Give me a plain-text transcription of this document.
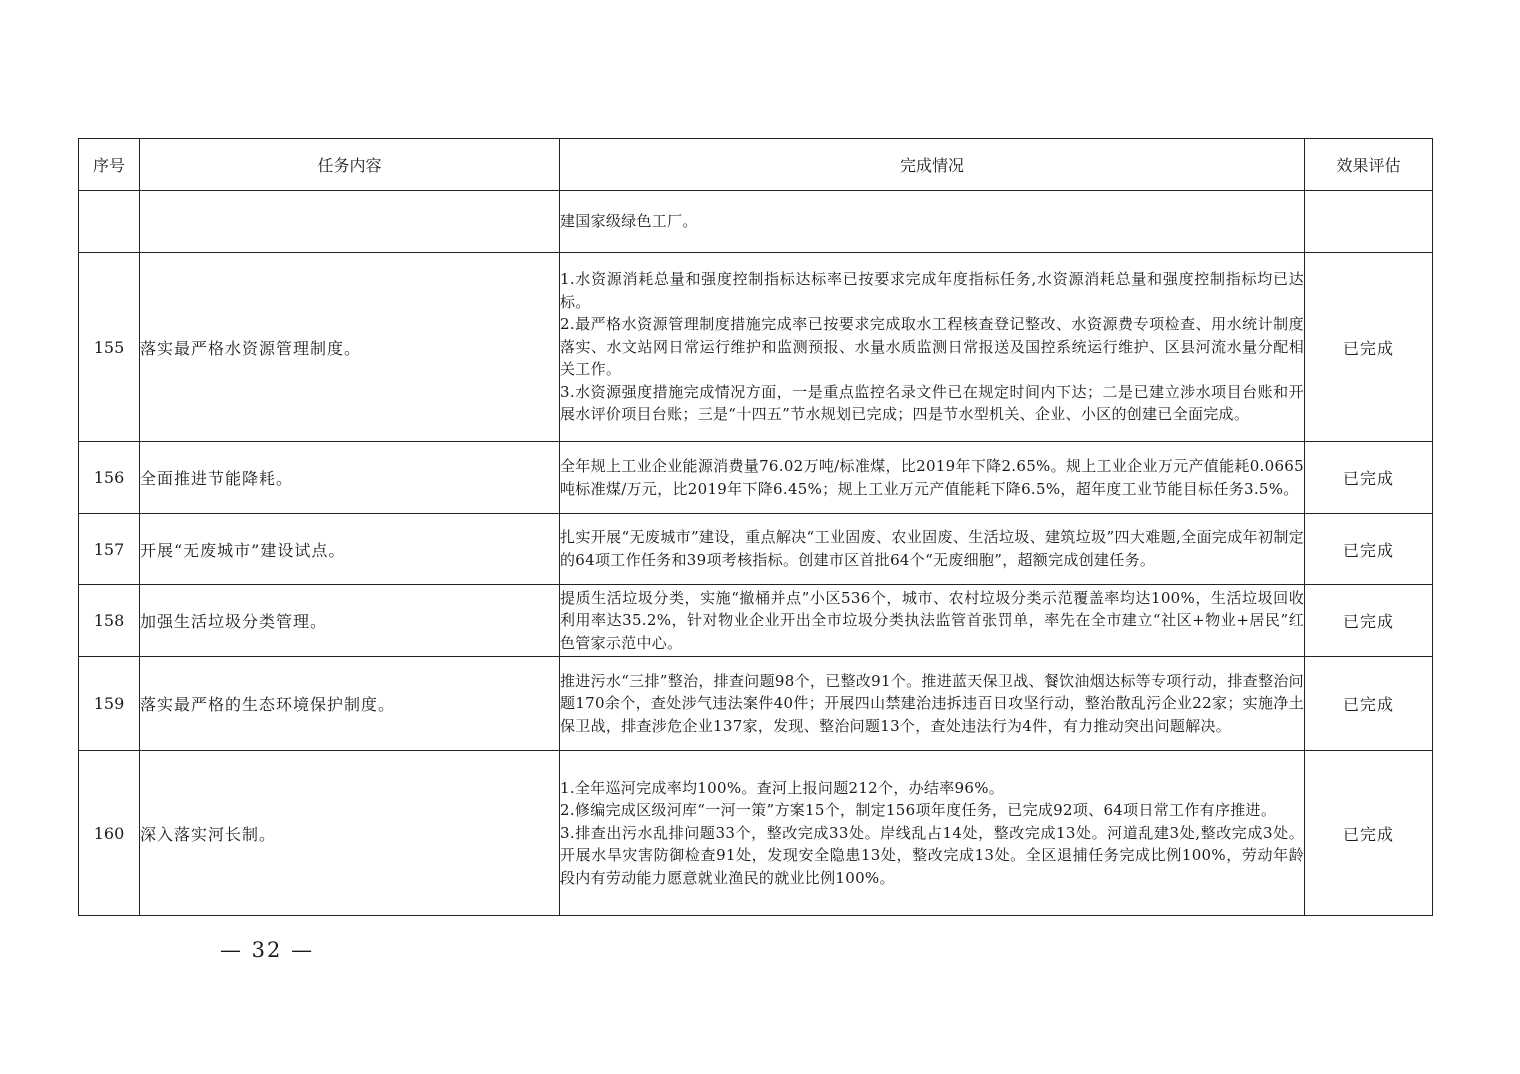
序号	任务内容	完成情况	效果评估

		建国家级绿色工厂。	

155	落实最严格水资源管理制度。	1.水资源消耗总量和强度控制指标达标率已按要求完成年度指标任务,水资源消耗总量和强度控制指标均已达标。
2.最严格水资源管理制度措施完成率已按要求完成取水工程核查登记整改、水资源费专项检查、用水统计制度落实、水文站网日常运行维护和监测预报、水量水质监测日常报送及国控系统运行维护、区县河流水量分配相关工作。
3.水资源强度措施完成情况方面，一是重点监控名录文件已在规定时间内下达；二是已建立涉水项目台账和开展水评价项目台账；三是“十四五”节水规划已完成；四是节水型机关、企业、小区的创建已全面完成。	已完成
156	全面推进节能降耗。	全年规上工业企业能源消费量76.02万吨/标准煤，比2019年下降2.65%。规上工业企业万元产值能耗0.0665吨标准煤/万元，比2019年下降6.45%；规上工业万元产值能耗下降6.5%，超年度工业节能目标任务3.5%。	已完成
157	开展“无废城市”建设试点。	扎实开展“无废城市”建设，重点解决“工业固废、农业固废、生活垃圾、建筑垃圾”四大难题,全面完成年初制定的64项工作任务和39项考核指标。创建市区首批64个“无废细胞”，超额完成创建任务。	已完成
158	加强生活垃圾分类管理。	提质生活垃圾分类，实施“撤桶并点”小区536个，城市、农村垃圾分类示范覆盖率均达100%，生活垃圾回收利用率达35.2%，针对物业企业开出全市垃圾分类执法监管首张罚单，率先在全市建立“社区+物业+居民”红色管家示范中心。	已完成
159	落实最严格的生态环境保护制度。	推进污水“三排”整治，排查问题98个，已整改91个。推进蓝天保卫战、餐饮油烟达标等专项行动，排查整治问题170余个，查处涉气违法案件40件；开展四山禁建治违拆违百日攻坚行动，整治散乱污企业22家；实施净土保卫战，排查涉危企业137家，发现、整治问题13个，查处违法行为4件，有力推动突出问题解决。	已完成
160	深入落实河长制。	1.全年巡河完成率均100%。查河上报问题212个，办结率96%。
2.修编完成区级河库“一河一策”方案15个，制定156项年度任务，已完成92项、64项日常工作有序推进。
3.排查出污水乱排问题33个，整改完成33处。岸线乱占14处，整改完成13处。河道乱建3处,整改完成3处。开展水旱灾害防御检查91处，发现安全隐患13处，整改完成13处。全区退捕任务完成比例100%，劳动年龄段内有劳动能力愿意就业渔民的就业比例100%。	已完成
— 32 —
